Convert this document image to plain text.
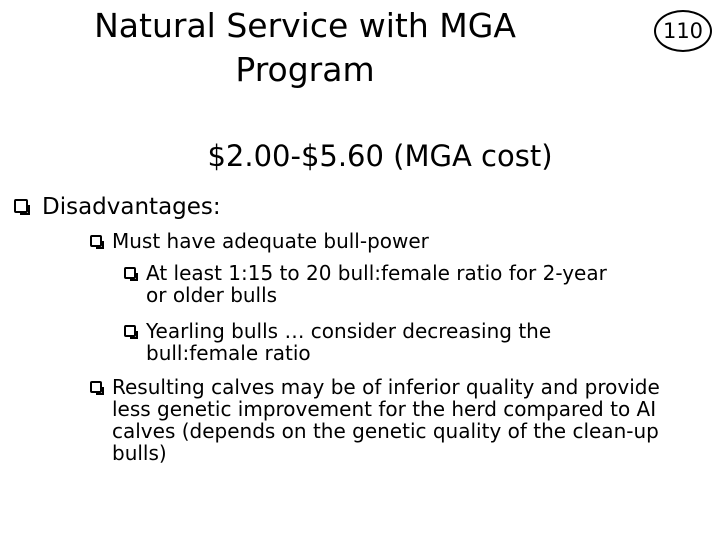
Natural Service with MGA Program
110
$2.00-$5.60 (MGA cost)
Disadvantages:
Must have adequate bull-power
At least 1:15 to 20 bull:female ratio for 2-year or older bulls
Yearling bulls … consider decreasing the bull:female ratio
Resulting calves may be of inferior quality and provide less genetic improvement for the herd compared to AI calves (depends on the genetic quality of the clean-up bulls)
